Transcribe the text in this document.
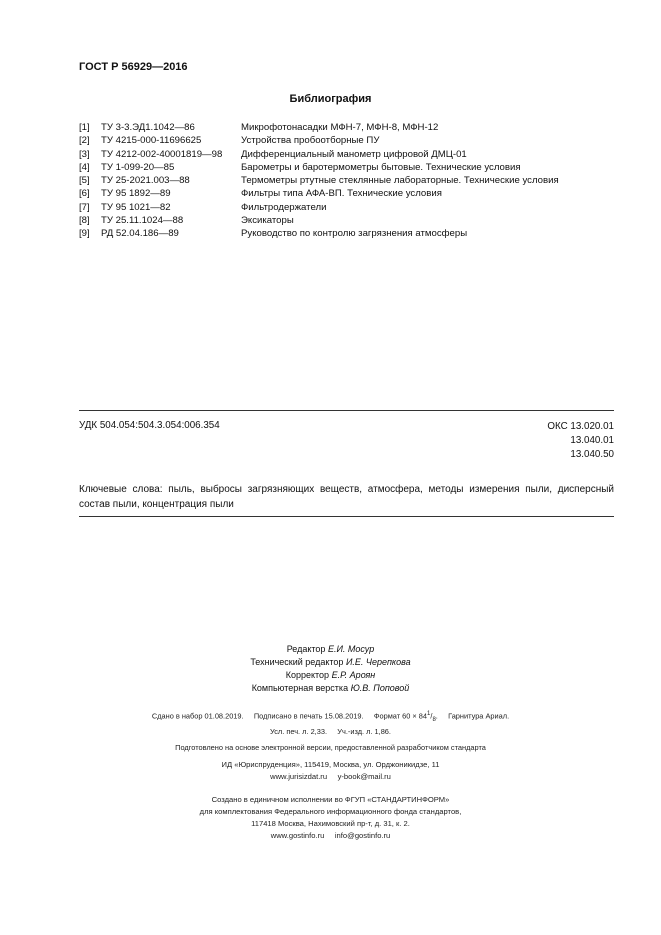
ГОСТ Р 56929—2016
Библиография
[1]	ТУ 3-3.ЭД1.1042—86	Микрофотонасадки МФН-7, МФН-8, МФН-12
[2]	ТУ 4215-000-11696625	Устройства пробоотборные ПУ
[3]	ТУ 4212-002-40001819—98	Дифференциальный манометр цифровой ДМЦ-01
[4]	ТУ 1-099-20—85	Барометры и баротермометры бытовые. Технические условия
[5]	ТУ 25-2021.003—88	Термометры ртутные стеклянные лабораторные. Технические условия
[6]	ТУ 95 1892—89	Фильтры типа АФА-ВП. Технические условия
[7]	ТУ 95 1021—82	Фильтродержатели
[8]	ТУ 25.11.1024—88	Эксикаторы
[9]	РД 52.04.186—89	Руководство по контролю загрязнения атмосферы
УДК 504.054:504.3.054:006.354	ОКС 13.020.01
13.040.01
13.040.50
Ключевые слова: пыль, выбросы загрязняющих веществ, атмосфера, методы измерения пыли, дисперсный состав пыли, концентрация пыли
Редактор Е.И. Мосур
Технический редактор И.Е. Черепкова
Корректор Е.Р. Ароян
Компьютерная верстка Ю.В. Поповой
Сдано в набор 01.08.2019.     Подписано в печать 15.08.2019.     Формат $60 \times 84^1/_8$.     Гарнитура Ариал.
Усл. печ. л. 2,33.     Уч.-изд. л. 1,86.
Подготовлено на основе электронной версии, предоставленной разработчиком стандарта
ИД «Юриспруденция», 115419, Москва, ул. Орджоникидзе, 11
www.jurisizdat.ru     y-book@mail.ru
Создано в единичном исполнении во ФГУП «СТАНДАРТИНФОРМ»
для комплектования Федерального информационного фонда стандартов,
117418 Москва, Нахимовский пр-т, д. 31, к. 2.
www.gostinfo.ru     info@gostinfo.ru
